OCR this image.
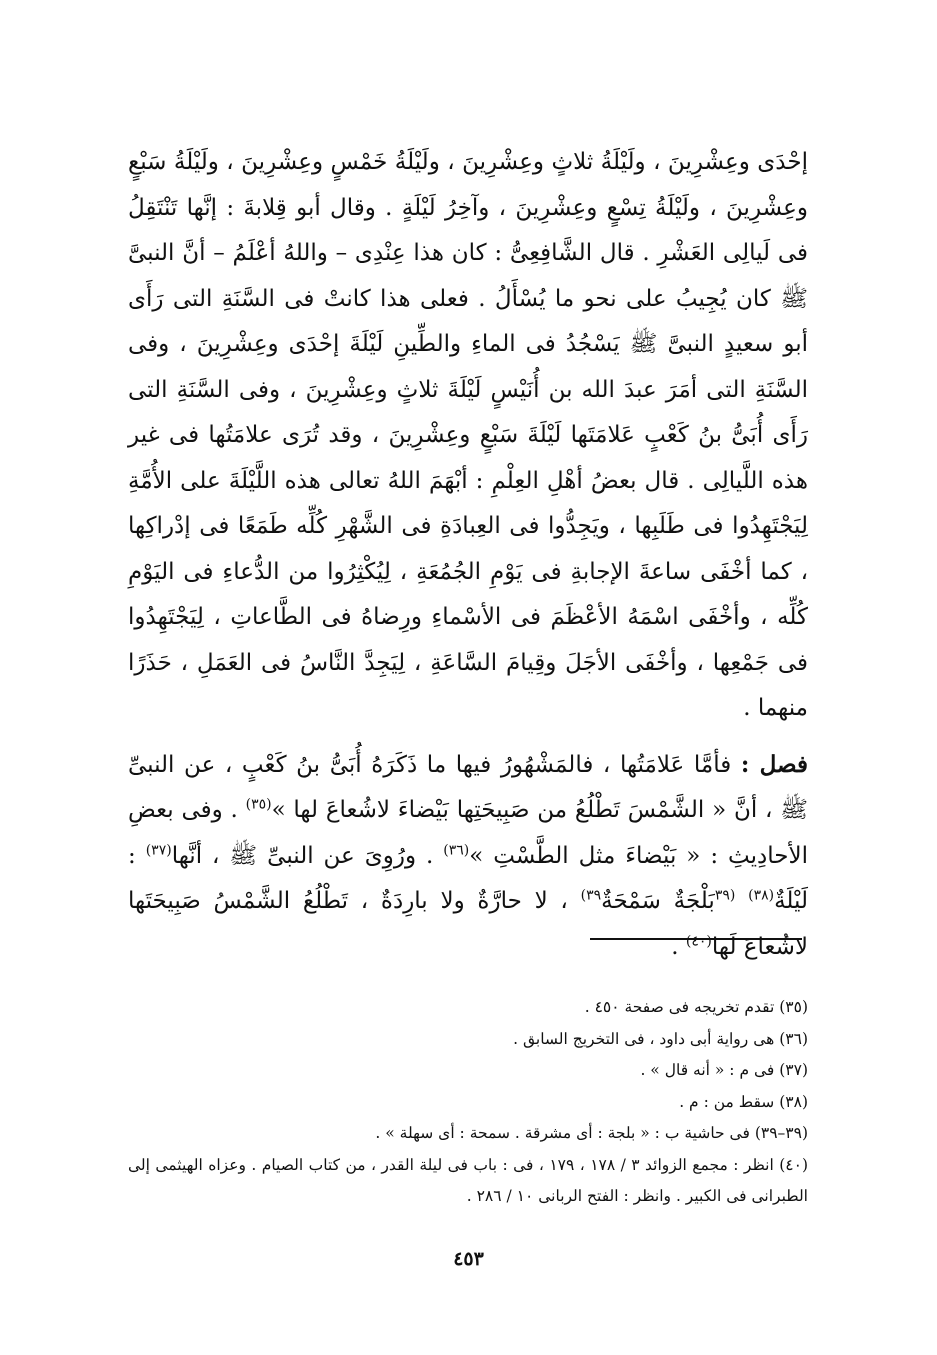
إحْدَى وعِشْرِينَ ، ولَيْلَةُ ثلاثٍ وعِشْرِينَ ، ولَيْلَةُ خَمْسٍ وعِشْرِينَ ، ولَيْلَةُ سَبْعٍ وعِشْرِينَ ، ولَيْلَةُ تِسْعٍ وعِشْرِينَ ، وآخِرُ لَيْلَةٍ . وقال أبو قِلابةَ : إنَّها تَنْتَقِلُ فى لَيالِى العَشْرِ . قال الشَّافِعِىُّ : كان هذا عِنْدِى – واللهُ أعْلَمُ – أنَّ النبىَّ ﷺ كان يُجِيبُ على نحو ما يُسْأَلُ . فعلى هذا كانتْ فى السَّنَةِ التى رَأَى أبو سعيدٍ النبىَّ ﷺ يَسْجُدُ فى الماءِ والطِّينِ لَيْلَةَ إحْدَى وعِشْرِينَ ، وفى السَّنَةِ التى أمَرَ عبدَ الله بن أُنَيْسٍ لَيْلَةَ ثلاثٍ وعِشْرِينَ ، وفى السَّنَةِ التى رَأَى أُبَىُّ بنُ كَعْبٍ عَلامَتَها لَيْلَةَ سَبْعٍ وعِشْرِينَ ، وقد تُرَى علامَتُها فى غير هذه اللَّيالِى . قال بعضُ أهْلِ العِلْمِ : أبْهَمَ اللهُ تعالى هذه اللَّيْلَةَ على الأُمَّةِ لِيَجْتَهِدُوا فى طَلَبِها ، ويَجِدُّوا فى العِبادَةِ فى الشَّهْرِ كُلِّه طَمَعًا فى إدْراكِها ، كما أخْفَى ساعةَ الإجابةِ فى يَوْمِ الجُمُعَةِ ، لِيُكْثِرُوا من الدُّعاءِ فى اليَوْمِ كُلِّه ، وأخْفَى اسْمَهُ الأعْظَمَ فى الأسْماءِ ورِضاهُ فى الطَّاعاتِ ، لِيَجْتَهِدُوا فى جَمْعِها ، وأخْفَى الأجَلَ وقِيامَ السَّاعَةِ ، لِيَجِدَّ النَّاسُ فى العَمَلِ ، حَذَرًا منهما .

فصل : فأمَّا عَلامَتُها ، فالمَشْهُورُ فيها ما ذَكَرَهُ أُبَىُّ بنُ كَعْبٍ ، عن النبىِّ ﷺ ، أنَّ « الشَّمْسَ تَطْلُعُ من صَبِيحَتِها بَيْضاءَ لاشُعاعَ لها »$^{(٣٥)}$ . وفى بعضِ الأحادِيثِ : « بَيْضاءَ مثل الطَّسْتِ »$^{(٣٦)}$ . ورُوِىَ عن النبىِّ ﷺ ، أنَّها$^{(٣٧)}$ : لَيْلَةٌ$^{(٣٨)}$ $^{(٣٩}$بَلْجَةٌ سَمْحَةٌ$^{٣٩)}$ ، لا حارَّةٌ ولا بارِدَةٌ ، تَطْلُعُ الشَّمْسُ صَبِيحَتَها لاشُعاعَ لَها$^{(٤٠)}$ .

(٣٥) تقدم تخريجه فى صفحة ٤٥٠ .
(٣٦) هى رواية أبى داود ، فى التخريج السابق .
(٣٧) فى م : « أنه قال » .
(٣٨) سقط من : م .
(٣٩–٣٩) فى حاشية ب : « بلجة : أى مشرقة . سمحة : أى سهلة » .
(٤٠) انظر : مجمع الزوائد ٣ / ١٧٨ ، ١٧٩ ، فى : باب فى ليلة القدر ، من كتاب الصيام . وعزاه الهيثمى إلى الطبرانى فى الكبير . وانظر : الفتح الربانى ١٠ / ٢٨٦ .
٤٥٣
